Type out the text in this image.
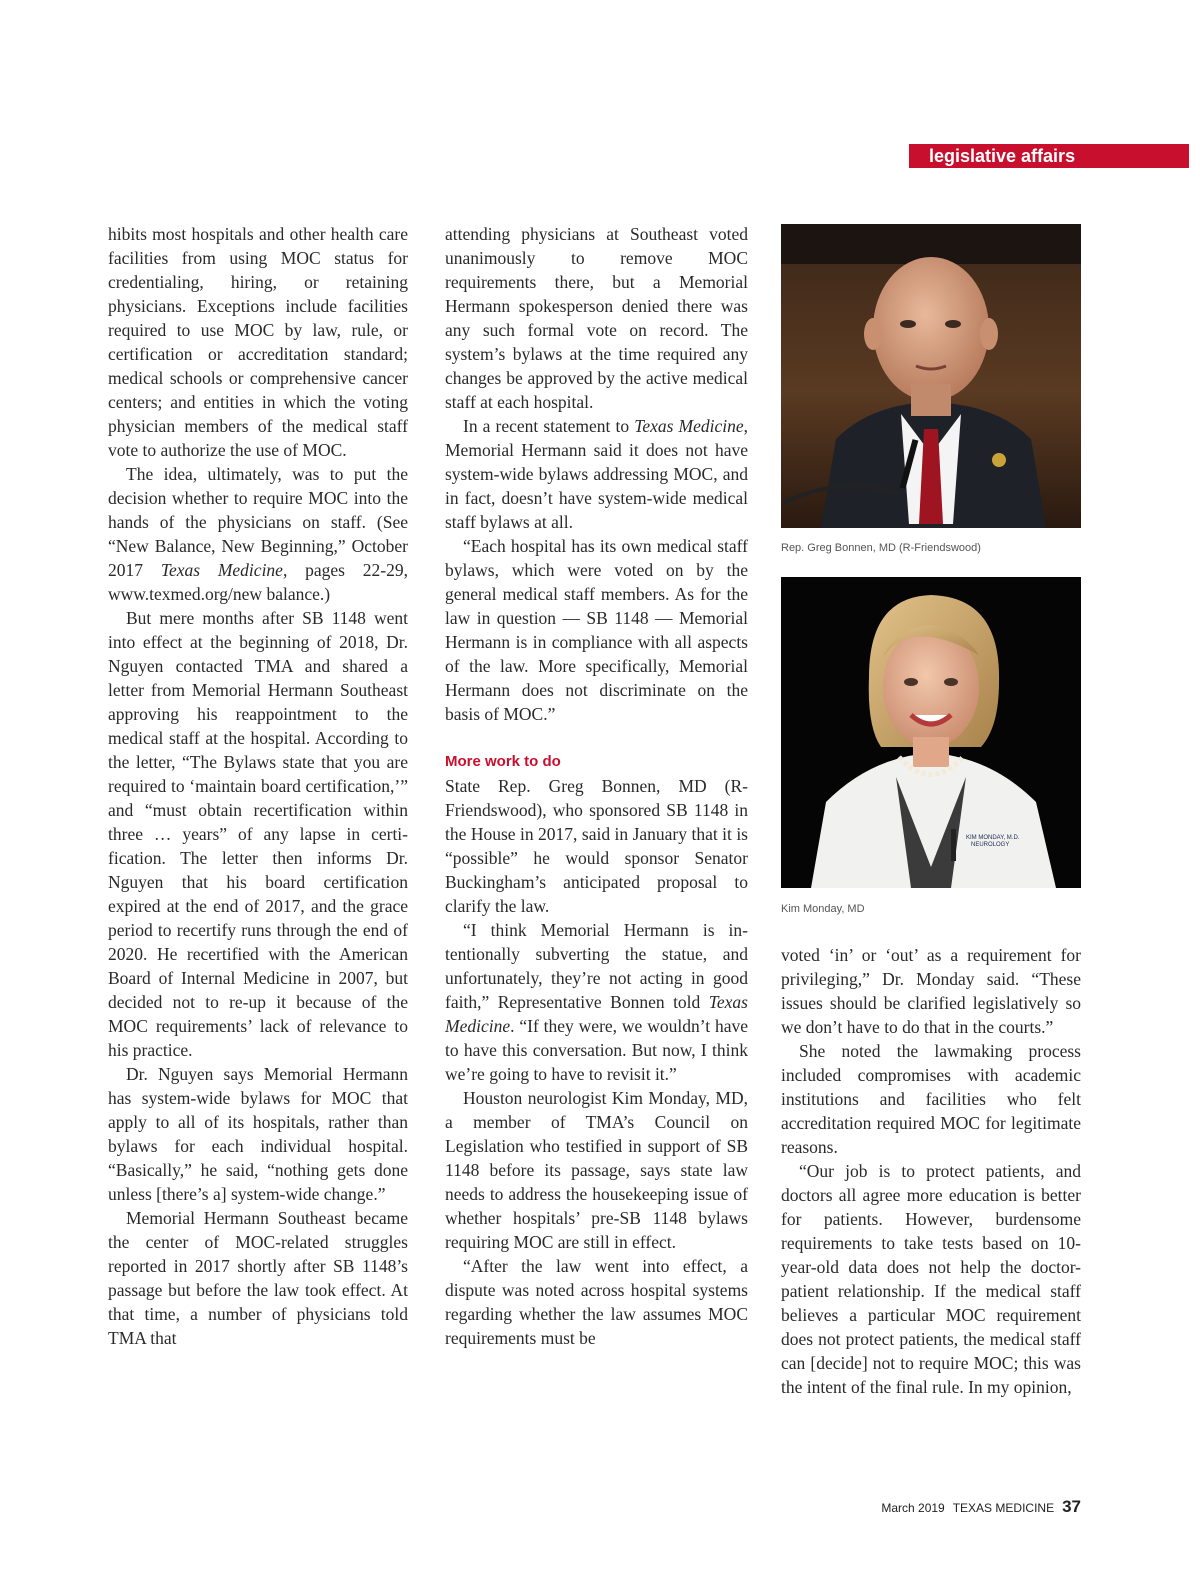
legislative affairs

hibits most hospitals and other health care facilities from using MOC status for credentialing, hiring, or retaining physicians. Exceptions include facilities required to use MOC by law, rule, or certification or accreditation standard; medical schools or comprehensive cancer centers; and entities in which the voting physician members of the medical staff vote to authorize the use of MOC.

The idea, ultimately, was to put the decision whether to require MOC into the hands of the physicians on staff. (See “New Balance, New Beginning,” October 2017 Texas Medicine, pages 22-29, www.texmed.org/new balance.)

But mere months after SB 1148 went into effect at the beginning of 2018, Dr. Nguyen contacted TMA and shared a letter from Memorial Hermann Southeast approving his reappointment to the medical staff at the hospital. According to the letter, “The Bylaws state that you are required to ‘maintain board certification,’” and “must obtain recertification within three … years” of any lapse in certification. The letter then informs Dr. Nguyen that his board certification expired at the end of 2017, and the grace period to recertify runs through the end of 2020. He recertified with the American Board of Internal Medicine in 2007, but decided not to re-up it because of the MOC requirements’ lack of relevance to his practice.

Dr. Nguyen says Memorial Hermann has system-wide bylaws for MOC that apply to all of its hospitals, rather than bylaws for each individual hospital. “Basically,” he said, “nothing gets done unless [there’s a] system-wide change.”

Memorial Hermann Southeast became the center of MOC-related struggles reported in 2017 shortly after SB 1148’s passage but before the law took effect. At that time, a number of physicians told TMA that

attending physicians at Southeast voted unanimously to remove MOC requirements there, but a Memorial Hermann spokesperson denied there was any such formal vote on record. The system’s bylaws at the time required any changes be approved by the active medical staff at each hospital.

In a recent statement to Texas Medicine, Memorial Hermann said it does not have system-wide bylaws addressing MOC, and in fact, doesn’t have system-wide medical staff bylaws at all.

“Each hospital has its own medical staff bylaws, which were voted on by the general medical staff members. As for the law in question — SB 1148 — Memorial Hermann is in compliance with all aspects of the law. More specifically, Memorial Hermann does not discriminate on the basis of MOC.”

More work to do

State Rep. Greg Bonnen, MD (R-Friendswood), who sponsored SB 1148 in the House in 2017, said in January that it is “possible” he would sponsor Senator Buckingham’s anticipated proposal to clarify the law.

“I think Memorial Hermann is intentionally subverting the statue, and unfortunately, they’re not acting in good faith,” Representative Bonnen told Texas Medicine. “If they were, we wouldn’t have to have this conversation. But now, I think we’re going to have to revisit it.”

Houston neurologist Kim Monday, MD, a member of TMA’s Council on Legislation who testified in support of SB 1148 before its passage, says state law needs to address the housekeeping issue of whether hospitals’ pre-SB 1148 bylaws requiring MOC are still in effect.

“After the law went into effect, a dispute was noted across hospital systems regarding whether the law assumes MOC requirements must be

Rep. Greg Bonnen, MD (R-Friendswood)
KIM MONDAY, M.D.
NEUROLOGY
Kim Monday, MD

voted ‘in’ or ‘out’ as a requirement for privileging,” Dr. Monday said. “These issues should be clarified legislatively so we don’t have to do that in the courts.”

She noted the lawmaking process included compromises with academic institutions and facilities who felt accreditation required MOC for legitimate reasons.

“Our job is to protect patients, and doctors all agree more education is better for patients. However, burdensome requirements to take tests based on 10-year-old data does not help the doctor-patient relationship. If the medical staff believes a particular MOC requirement does not protect patients, the medical staff can [decide] not to require MOC; this was the intent of the final rule. In my opinion,

March 2019 TEXAS MEDICINE 37
